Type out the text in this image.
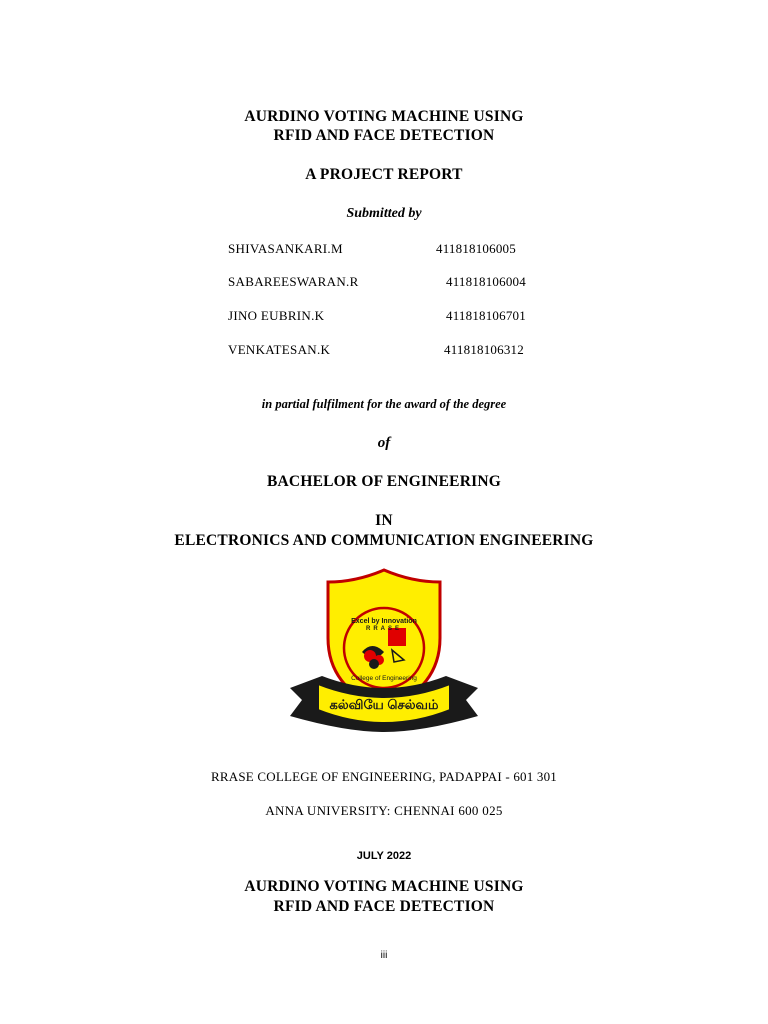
AURDINO VOTING MACHINE USING
RFID AND FACE DETECTION
A PROJECT REPORT
Submitted by
SHIVASANKARI.M	411818106005
SABAREESWARAN.R	411818106004
JINO EUBRIN.K	411818106701
VENKATESAN.K	411818106312
in partial fulfilment for the award of the degree
of
BACHELOR OF ENGINEERING
IN
ELECTRONICS AND COMMUNICATION ENGINEERING
Excel by Innovation
RRASE
College of Engineering
கல்வியே செல்வம்
RRASE COLLEGE OF ENGINEERING, PADAPPAI - 601 301
ANNA UNIVERSITY: CHENNAI 600 025
JULY 2022
AURDINO VOTING MACHINE USING
RFID AND FACE DETECTION
iii
